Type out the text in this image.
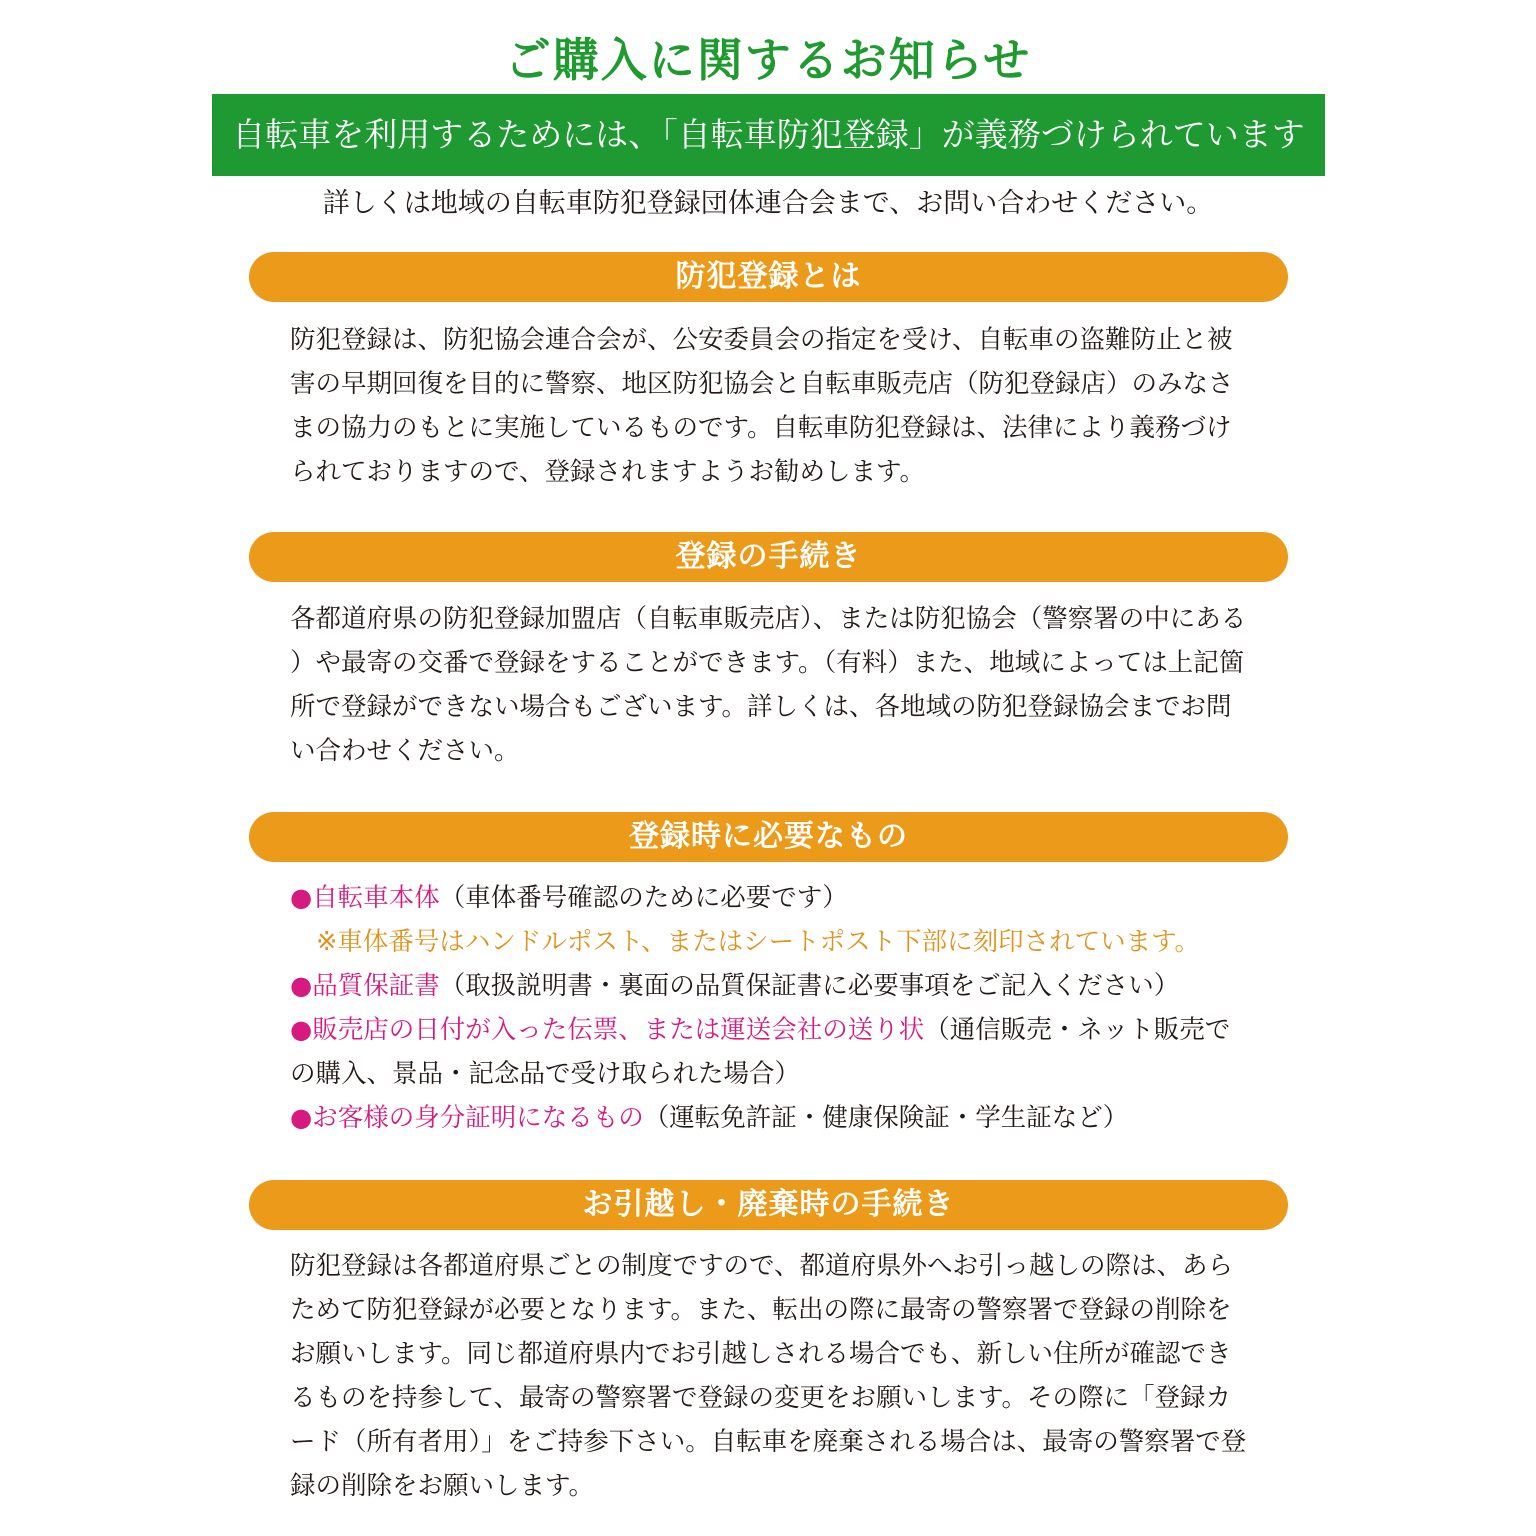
ご購入に関するお知らせ
自転車を利用するためには、「自転車防犯登録」が義務づけられています
詳しくは地域の自転車防犯登録団体連合会まで、お問い合わせください。
防犯登録とは
防犯登録は、防犯協会連合会が、公安委員会の指定を受け、自転車の盗難防止と被害の早期回復を目的に警察、地区防犯協会と自転車販売店（防犯登録店）のみなさまの協力のもとに実施しているものです。自転車防犯登録は、法律により義務づけられておりますので、登録されますようお勧めします。
登録の手続き
各都道府県の防犯登録加盟店（自転車販売店）、または防犯協会（警察署の中にある）や最寄の交番で登録をすることができます。（有料）また、地域によっては上記箇所で登録ができない場合もございます。詳しくは、各地域の防犯登録協会までお問い合わせください。
登録時に必要なもの
●自転車本体（車体番号確認のために必要です）
※車体番号はハンドルポスト、またはシートポスト下部に刻印されています。
●品質保証書（取扱説明書・裏面の品質保証書に必要事項をご記入ください）
●販売店の日付が入った伝票、または運送会社の送り状（通信販売・ネット販売での購入、景品・記念品で受け取られた場合）
●お客様の身分証明になるもの（運転免許証・健康保険証・学生証など）
お引越し・廃棄時の手続き
防犯登録は各都道府県ごとの制度ですので、都道府県外へお引っ越しの際は、あらためて防犯登録が必要となります。また、転出の際に最寄の警察署で登録の削除をお願いします。同じ都道府県内でお引越しされる場合でも、新しい住所が確認できるものを持参して、最寄の警察署で登録の変更をお願いします。その際に「登録カード（所有者用）」をご持参下さい。自転車を廃棄される場合は、最寄の警察署で登録の削除をお願いします。
